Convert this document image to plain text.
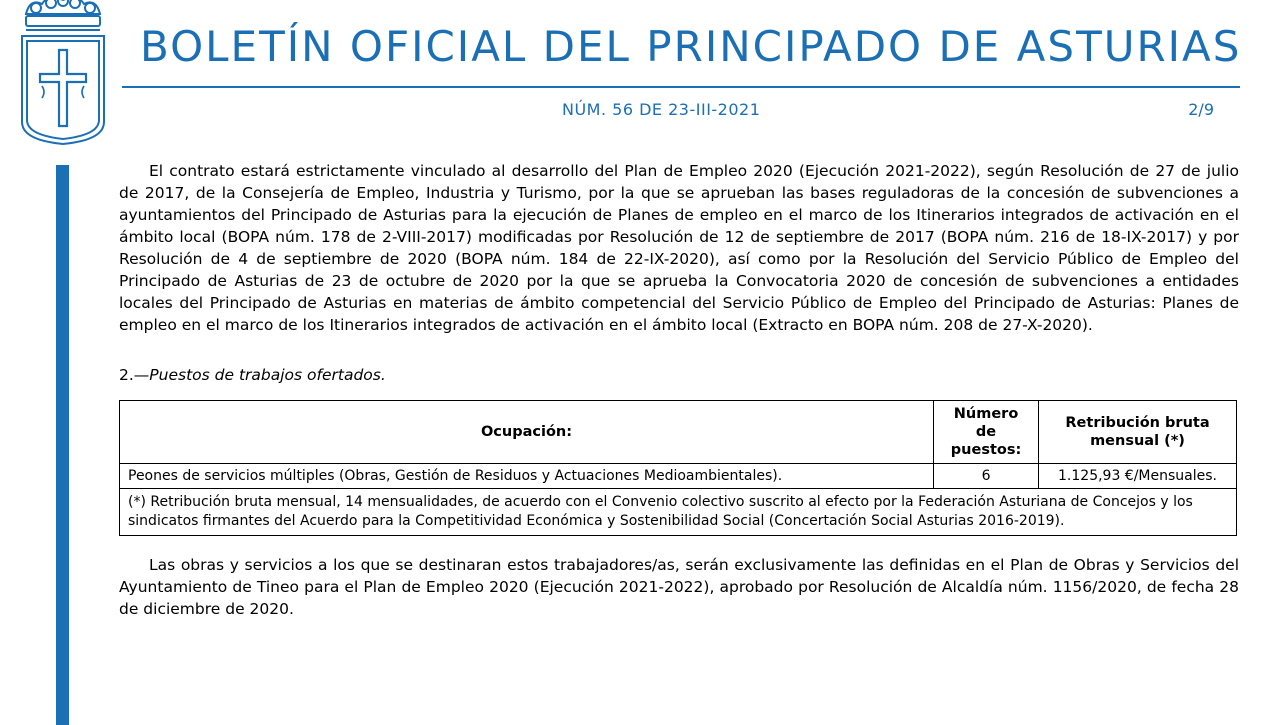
BOLETÍN OFICIAL DEL PRINCIPADO DE ASTURIAS
NÚM. 56 DE 23-III-2021	2/9

El contrato estará estrictamente vinculado al desarrollo del Plan de Empleo 2020 (Ejecución 2021-2022), según Resolución de 27 de julio de 2017, de la Consejería de Empleo, Industria y Turismo, por la que se aprueban las bases reguladoras de la concesión de subvenciones a ayuntamientos del Principado de Asturias para la ejecución de Planes de empleo en el marco de los Itinerarios integrados de activación en el ámbito local (BOPA núm. 178 de 2-VIII-2017) modificadas por Resolución de 12 de septiembre de 2017 (BOPA núm. 216 de 18-IX-2017) y por Resolución de 4 de septiembre de 2020 (BOPA núm. 184 de 22-IX-2020), así como por la Resolución del Servicio Público de Empleo del Principado de Asturias de 23 de octubre de 2020 por la que se aprueba la Convocatoria 2020 de concesión de subvenciones a entidades locales del Principado de Asturias en materias de ámbito competencial del Servicio Público de Empleo del Principado de Asturias: Planes de empleo en el marco de los Itinerarios integrados de activación en el ámbito local (Extracto en BOPA núm. 208 de 27-X-2020).

2.—Puestos de trabajos ofertados.
Ocupación:	Número de puestos:	Retribución bruta mensual (*)

Peones de servicios múltiples (Obras, Gestión de Residuos y Actuaciones Medioambientales).	6	1.125,93 €/Mensuales.
(*) Retribución bruta mensual, 14 mensualidades, de acuerdo con el Convenio colectivo suscrito al efecto por la Federación Asturiana de Concejos y los sindicatos firmantes del Acuerdo para la Competitividad Económica y Sostenibilidad Social (Concertación Social Asturias 2016-2019).		

Las obras y servicios a los que se destinaran estos trabajadores/as, serán exclusivamente las definidas en el Plan de Obras y Servicios del Ayuntamiento de Tineo para el Plan de Empleo 2020 (Ejecución 2021-2022), aprobado por Resolución de Alcaldía núm. 1156/2020, de fecha 28 de diciembre de 2020.
